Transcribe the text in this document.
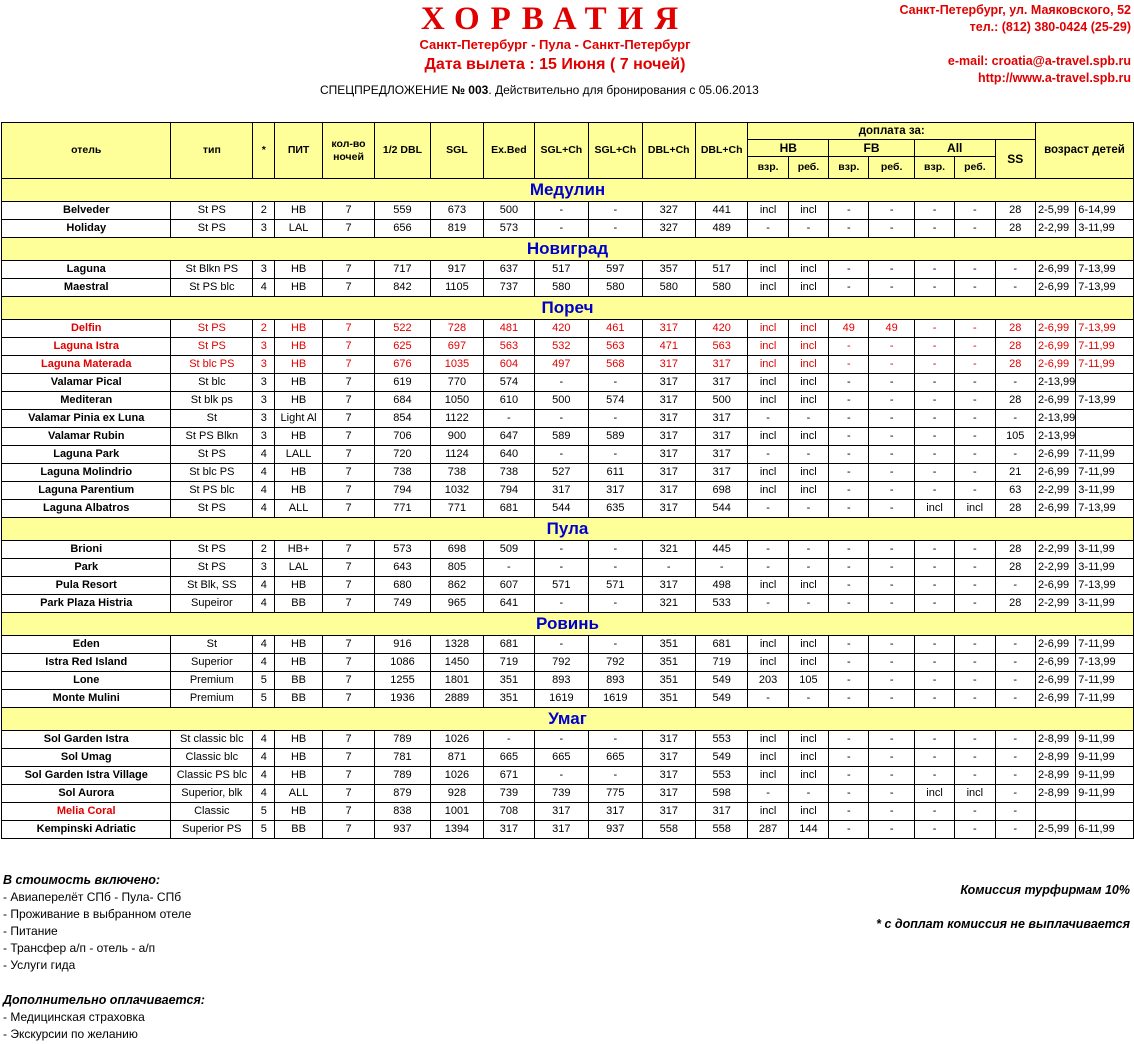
ХОРВАТИЯ
Санкт-Петербург - Пула - Санкт-Петербург
Дата вылета : 15 Июня ( 7 ночей)
СПЕЦПРЕДЛОЖЕНИЕ № 003. Действительно для бронирования с 05.06.2013
Санкт-Петербург, ул. Маяковского, 52
тел.: (812) 380-0424 (25-29)
e-mail: croatia@a-travel.spb.ru
http://www.a-travel.spb.ru
отель	тип	*	ПИТ	кол-во ночей	1/2 DBL	SGL	Ex.Bed	SGL+Ch	SGL+Ch	DBL+Ch	DBL+Ch	доплата за:							возраст детей	
												HB		FB		All		SS		
												взр.	реб.	взр.	реб.	взр.	реб.			
Медулин																				
Belveder	St PS	2	HB	7	559	673	500	-	-	327	441	incl	incl	-	-	-	-	28	2-5,99	6-14,99
Holiday	St PS	3	LAL	7	656	819	573	-	-	327	489	-	-	-	-	-	-	28	2-2,99	3-11,99
Новиград																				
Laguna	St Blkn PS	3	HB	7	717	917	637	517	597	357	517	incl	incl	-	-	-	-	-	2-6,99	7-13,99
Maestral	St PS blc	4	HB	7	842	1105	737	580	580	580	580	incl	incl	-	-	-	-	-	2-6,99	7-13,99
Пореч																				
Delfin	St PS	2	HB	7	522	728	481	420	461	317	420	incl	incl	49	49	-	-	28	2-6,99	7-13,99
Laguna Istra	St PS	3	HB	7	625	697	563	532	563	471	563	incl	incl	-	-	-	-	28	2-6,99	7-11,99
Laguna Materada	St blc PS	3	HB	7	676	1035	604	497	568	317	317	incl	incl	-	-	-	-	28	2-6,99	7-11,99
Valamar Pical	St blc	3	HB	7	619	770	574	-	-	317	317	incl	incl	-	-	-	-	-	2-13,99	
Mediteran	St blk ps	3	HB	7	684	1050	610	500	574	317	500	incl	incl	-	-	-	-	28	2-6,99	7-13,99
Valamar Pinia ex Luna	St	3	Light Al	7	854	1122	-	-	-	317	317	-	-	-	-	-	-	-	2-13,99	
Valamar Rubin	St PS Blkn	3	HB	7	706	900	647	589	589	317	317	incl	incl	-	-	-	-	105	2-13,99	
Laguna Park	St PS	4	LALL	7	720	1124	640	-	-	317	317	-	-	-	-	-	-	-	2-6,99	7-11,99
Laguna Molindrio	St blc PS	4	HB	7	738	738	738	527	611	317	317	incl	incl	-	-	-	-	21	2-6,99	7-11,99
Laguna Parentium	St PS blc	4	HB	7	794	1032	794	317	317	317	698	incl	incl	-	-	-	-	63	2-2,99	3-11,99
Laguna Albatros	St PS	4	ALL	7	771	771	681	544	635	317	544	-	-	-	-	incl	incl	28	2-6,99	7-13,99
Пула																				
Brioni	St PS	2	HB+	7	573	698	509	-	-	321	445	-	-	-	-	-	-	28	2-2,99	3-11,99
Park	St PS	3	LAL	7	643	805	-	-	-	-	-	-	-	-	-	-	-	28	2-2,99	3-11,99
Pula Resort	St Blk, SS	4	HB	7	680	862	607	571	571	317	498	incl	incl	-	-	-	-	-	2-6,99	7-13,99
Park Plaza Histria	Supeiror	4	BB	7	749	965	641	-	-	321	533	-	-	-	-	-	-	28	2-2,99	3-11,99
Ровинь																				
Eden	St	4	HB	7	916	1328	681	-	-	351	681	incl	incl	-	-	-	-	-	2-6,99	7-11,99
Istra Red Island	Superior	4	HB	7	1086	1450	719	792	792	351	719	incl	incl	-	-	-	-	-	2-6,99	7-13,99
Lone	Premium	5	BB	7	1255	1801	351	893	893	351	549	203	105	-	-	-	-	-	2-6,99	7-11,99
Monte Mulini	Premium	5	BB	7	1936	2889	351	1619	1619	351	549	-	-	-	-	-	-	-	2-6,99	7-11,99
Умаг																				
Sol Garden Istra	St classic blc	4	HB	7	789	1026	-	-	-	317	553	incl	incl	-	-	-	-	-	2-8,99	9-11,99
Sol Umag	Classic blc	4	HB	7	781	871	665	665	665	317	549	incl	incl	-	-	-	-	-	2-8,99	9-11,99
Sol Garden Istra Village	Classic PS blc	4	HB	7	789	1026	671	-	-	317	553	incl	incl	-	-	-	-	-	2-8,99	9-11,99
Sol Aurora	Superior, blk	4	ALL	7	879	928	739	739	775	317	598	-	-	-	-	incl	incl	-	2-8,99	9-11,99
Melia Coral	Classic	5	HB	7	838	1001	708	317	317	317	317	incl	incl	-	-	-	-	-		
Kempinski Adriatic	Superior PS	5	BB	7	937	1394	317	317	937	558	558	287	144	-	-	-	-	-	2-5,99	6-11,99
В стоимость включено:
- Авиаперелёт СПб - Пула- СПб
- Проживание в выбранном отеле
- Питание
- Трансфер а/п - отель - а/п
- Услуги гида
Дополнительно оплачивается:
- Медицинская страховка
- Экскурсии по желанию
Комиссия турфирмам 10%
* с доплат комиссия не выплачивается
